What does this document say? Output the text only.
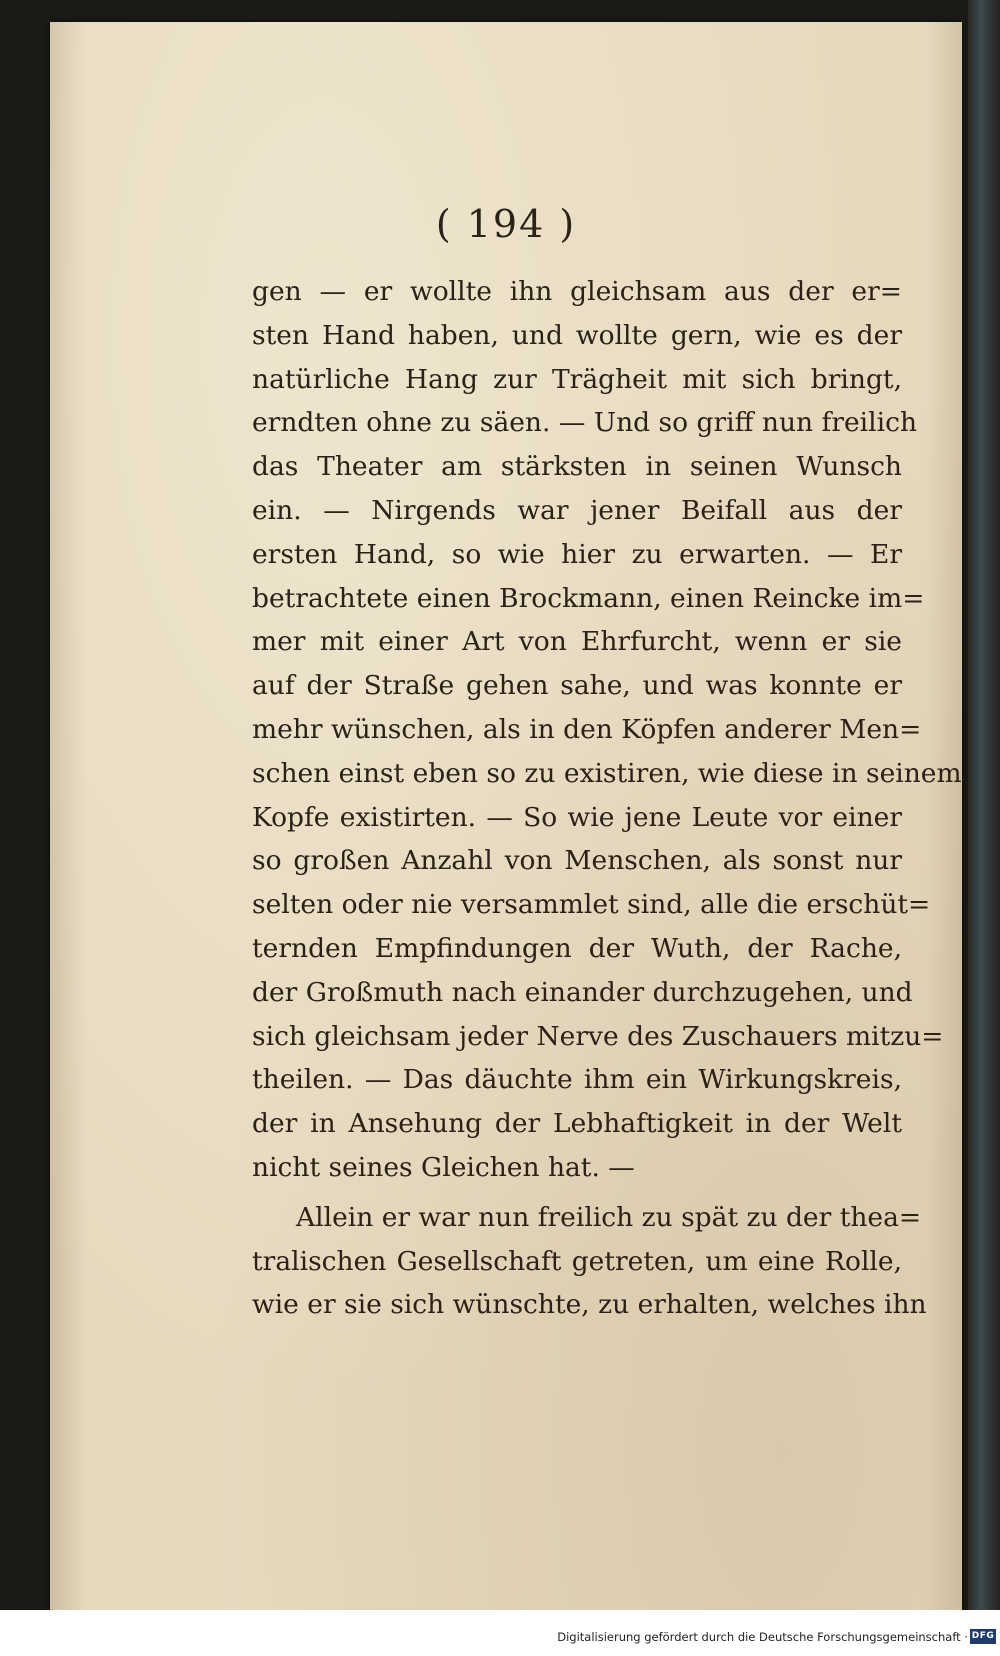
( 194 )

gen — er wollte ihn gleichsam aus der er=
sten Hand haben, und wollte gern, wie es der
natürliche Hang zur Trägheit mit sich bringt,
erndten ohne zu säen. — Und so griff nun freilich
das Theater am stärksten in seinen Wunsch
ein. — Nirgends war jener Beifall aus der
ersten Hand, so wie hier zu erwarten. — Er
betrachtete einen Brockmann, einen Reincke im=
mer mit einer Art von Ehrfurcht, wenn er sie
auf der Straße gehen sahe, und was konnte er
mehr wünschen, als in den Köpfen anderer Men=
schen einst eben so zu existiren, wie diese in seinem
Kopfe existirten. — So wie jene Leute vor einer
so großen Anzahl von Menschen, als sonst nur
selten oder nie versammlet sind, alle die erschüt=
ternden Empfindungen der Wuth, der Rache,
der Großmuth nach einander durchzugehen, und
sich gleichsam jeder Nerve des Zuschauers mitzu=
theilen. — Das däuchte ihm ein Wirkungskreis,
der in Ansehung der Lebhaftigkeit in der Welt
nicht seines Gleichen hat. —
Allein er war nun freilich zu spät zu der thea=
tralischen Gesellschaft getreten, um eine Rolle,
wie er sie sich wünschte, zu erhalten, welches ihn

Digitalisierung gefördert durch die Deutsche Forschungsgemeinschaft · DFG
